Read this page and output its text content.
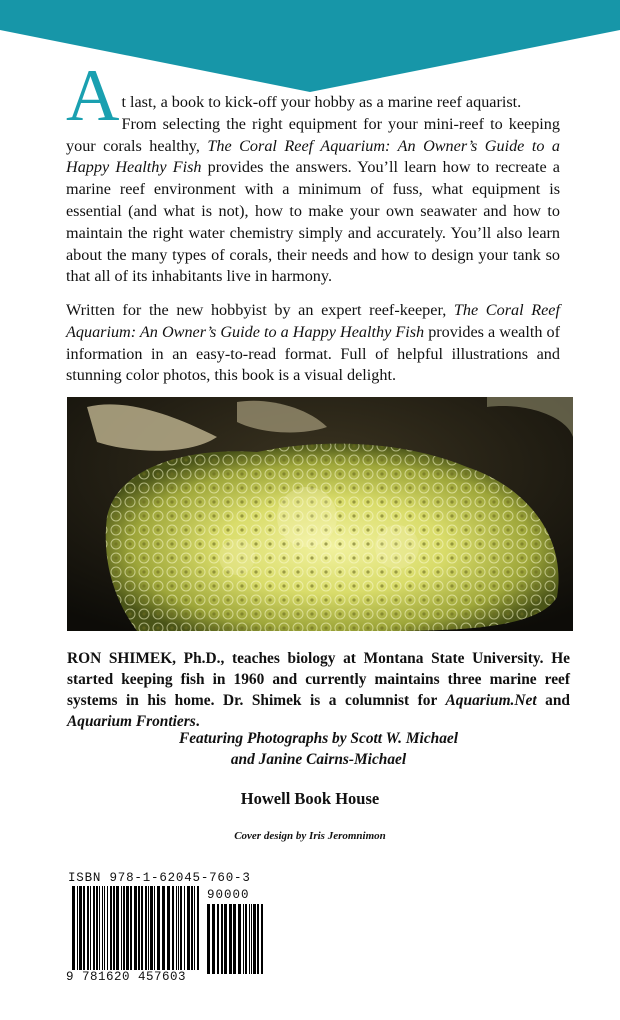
A t last, a book to kick-off your hobby as a marine reef aquarist. From selecting the right equipment for your mini-reef to keeping your corals healthy, The Coral Reef Aquarium: An Owner’s Guide to a Happy Healthy Fish provides the answers. You’ll learn how to recreate a marine reef environment with a minimum of fuss, what equipment is essential (and what is not), how to make your own seawater and how to maintain the right water chemistry simply and accurately. You’ll also learn about the many types of corals, their needs and how to design your tank so that all of its inhabitants live in harmony.

Written for the new hobbyist by an expert reef-keeper, The Coral Reef Aquarium: An Owner’s Guide to a Happy Healthy Fish provides a wealth of information in an easy-to-read format. Full of helpful illustrations and stunning color photos, this book is a visual delight.

RON SHIMEK, Ph.D., teaches biology at Montana State University. He started keeping fish in 1960 and currently maintains three marine reef systems in his home. Dr. Shimek is a columnist for Aquarium.Net and Aquarium Frontiers.

Featuring Photographs by Scott W. Michael
and Janine Cairns-Michael
Howell Book House
Cover design by Iris Jeromnimon
ISBN 978-1-62045-760-3
90000
9 781620 457603
